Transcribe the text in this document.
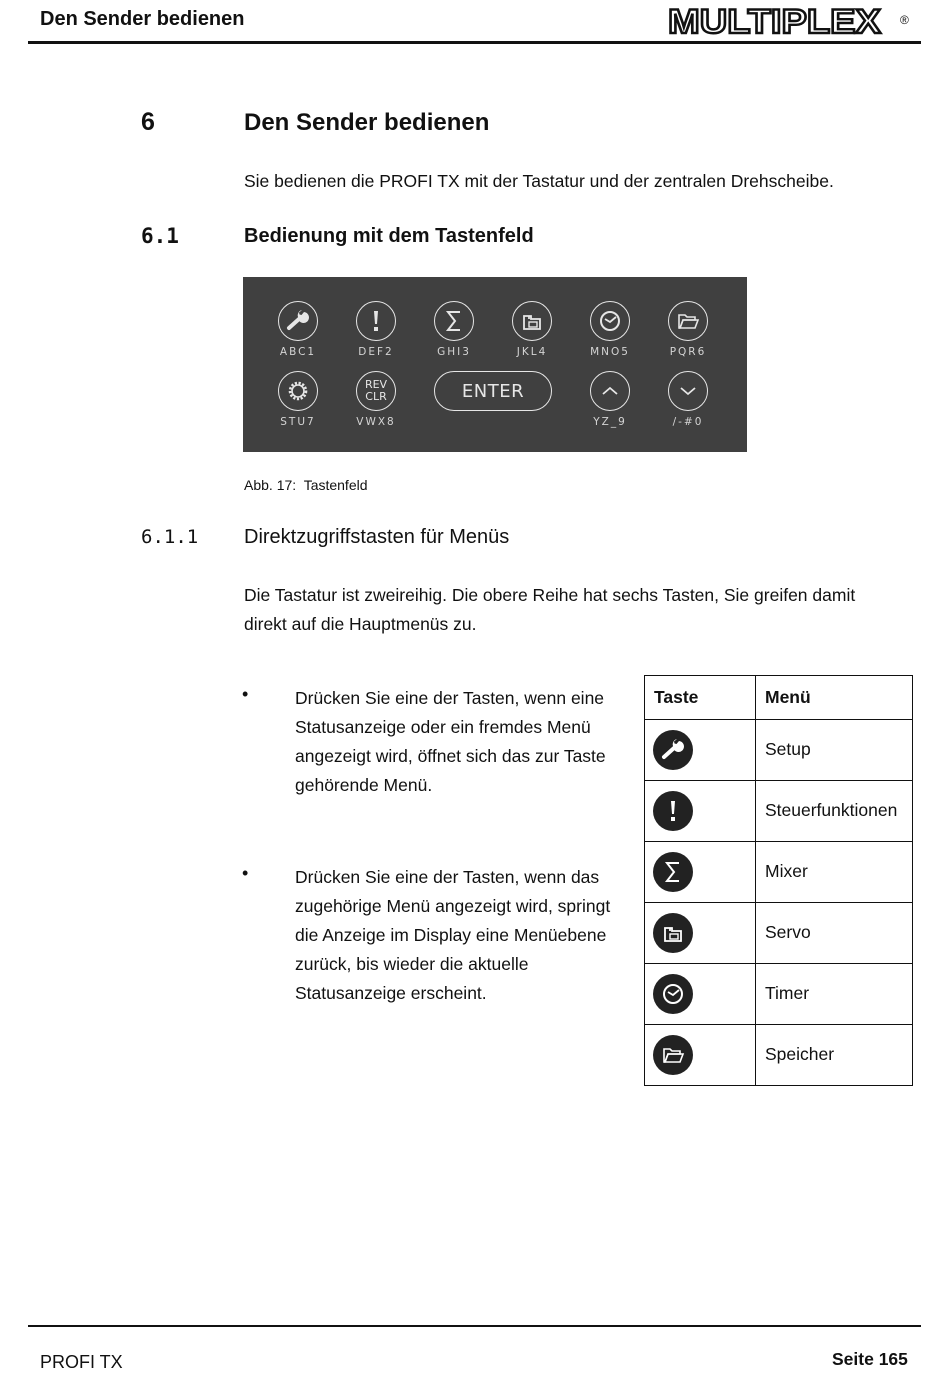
Den Sender bedienen	MULTIPLEX ®
6	Den Sender bedienen
Sie bedienen die PROFI TX mit der Tastatur und der zentralen Drehscheibe.
6.1	Bedienung mit dem Tastenfeld
ABC1	DEF2	GHI3	JKL4	MNO5	PQR6
STU7
REV
CLR
VWX8
ENTER
YZ_9	/-#0
Abb. 17: Tastenfeld
6.1.1 Direktzugriffstasten für Menüs
Die Tastatur ist zweireihig. Die obere Reihe hat sechs Tasten, Sie greifen damit
direkt auf die Hauptmenüs zu.
•	Drücken Sie eine der Tasten, wenn eine
Statusanzeige oder ein fremdes Menü
angezeigt wird, öffnet sich das zur Taste
gehörende Menü.
•	Drücken Sie eine der Tasten, wenn das
zugehörige Menü angezeigt wird, springt
die Anzeige im Display eine Menüebene
zurück, bis wieder die aktuelle
Statusanzeige erscheint.
Taste	Menü

	Setup

	Steuerfunktionen

	Mixer

	Servo

	Timer

	Speicher
PROFI TX	Seite 165
